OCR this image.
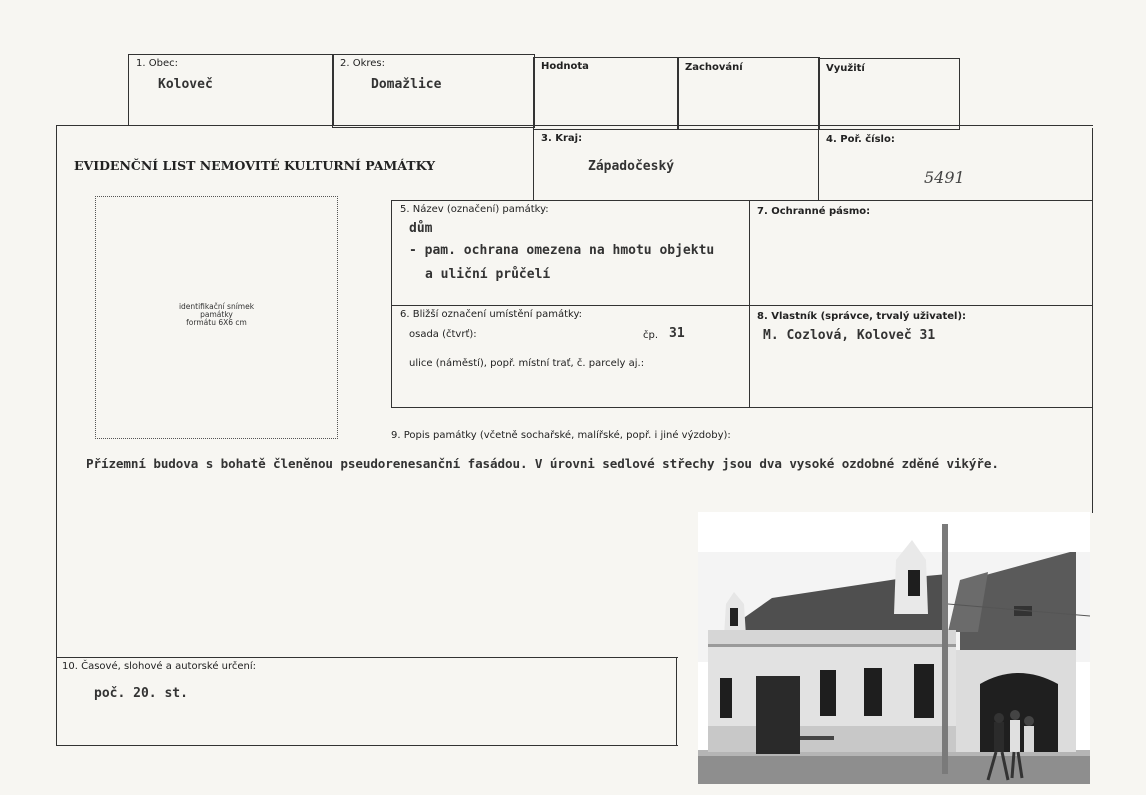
1. Obec:
Koloveč
2. Okres:
Domažlice
Hodnota	Zachování	Využití
EVIDENČNÍ LIST NEMOVITÉ KULTURNÍ PAMÁTKY
3. Kraj:
Západočeský
4. Poř. číslo:
5491
identifikační snímek
památky
formátu 6X6 cm
5. Název (označení) památky:
dům
- pam. ochrana omezena na hmotu objektu
a uliční průčelí
7. Ochranné pásmo:
6. Bližší označení umístění památky:
osada (čtvrť):	čp. 31
ulice (náměstí), popř. místní trať, č. parcely aj.:
8. Vlastník (správce, trvalý uživatel):
M. Cozlová, Koloveč 31
9. Popis památky (včetně sochařské, malířské, popř. i jiné výzdoby):
Přízemní budova s bohatě členěnou pseudorenesanční fasádou. V úrovni sedlové střechy jsou dva vysoké ozdobné zděné vikýře.
10. Časové, slohové a autorské určení:
poč. 20. st.
